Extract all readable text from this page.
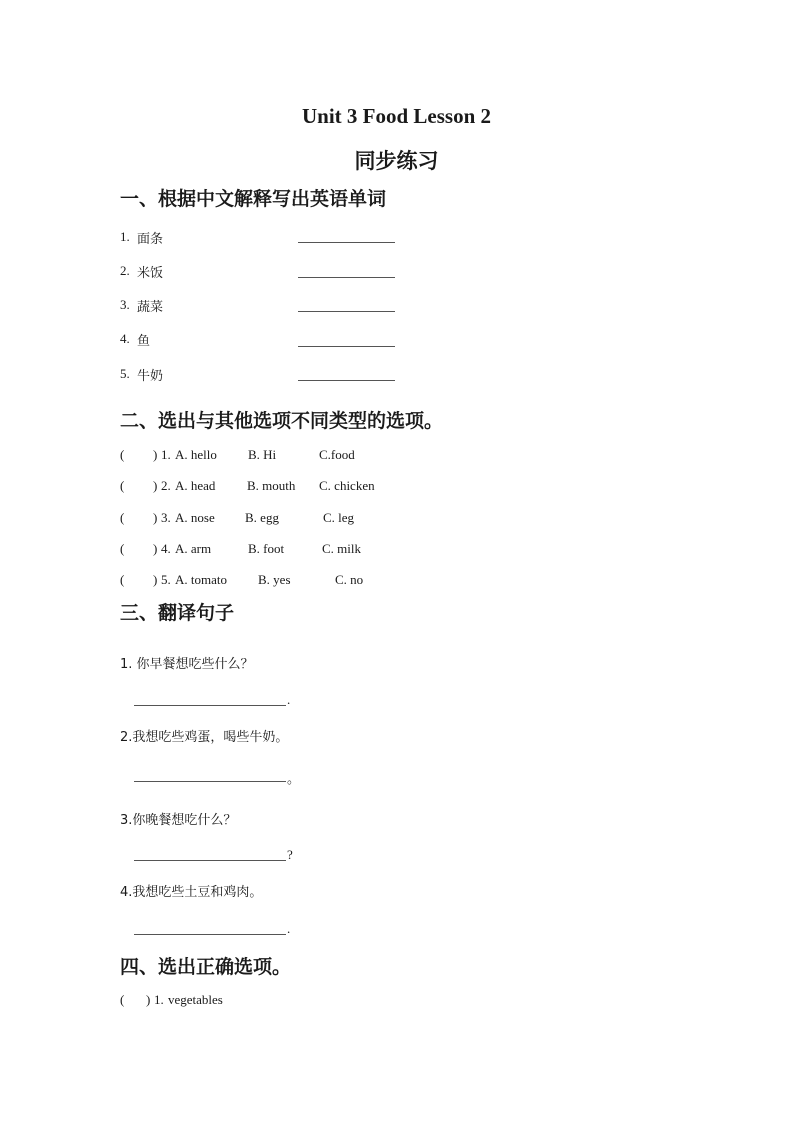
Unit 3 Food Lesson 2
同步练习
一、根据中文解释写出英语单词
1. 面条
2. 米饭
3. 蔬菜
4. 鱼
5. 牛奶
二、选出与其他选项不同类型的选项。
( ) 1. A. hello B. Hi	C.food
( ) 2. A. head B. mouth C. chicken
( ) 3. A. nose B. egg	C. leg
( ) 4. A. arm	B. foot	C. milk
( ) 5. A. tomato B. yes	C. no
三、翻译句子
1. 你早餐想吃些什么？
.
2.我想吃些鸡蛋，喝些牛奶。
。
3.你晚餐想吃什么？
?
4.我想吃些土豆和鸡肉。
.
四、选出正确选项。
( ) 1. vegetables
